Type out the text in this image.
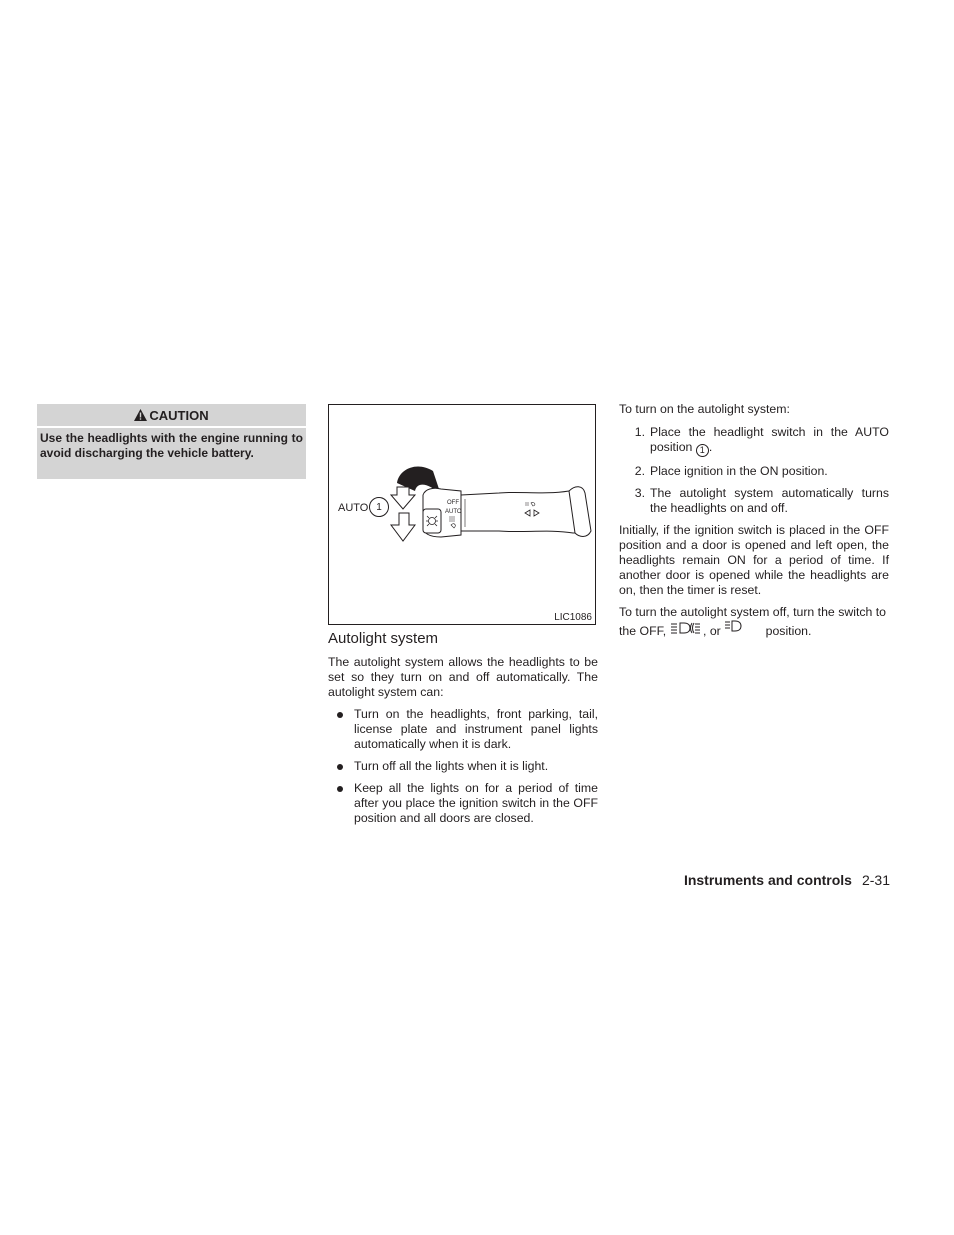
CAUTION
Use the headlights with the engine running to avoid discharging the vehicle battery.
OFF
AUTO
AUTO 1
LIC1086
Autolight system

The autolight system allows the headlights to be set so they turn on and off automatically. The autolight system can:

Turn on the headlights, front parking, tail, license plate and instrument panel lights automatically when it is dark.

Turn off all the lights when it is light.

Keep all the lights on for a period of time after you place the ignition switch in the OFF position and all doors are closed.

To turn on the autolight system:

1. Place the headlight switch in the AUTO position 1 .

2. Place ignition in the ON position.

3. The autolight system automatically turns the headlights on and off.

Initially, if the ignition switch is placed in the OFF position and a door is opened and left open, the headlights remain ON for a period of time. If another door is opened while the headlights are on, then the timer is reset.

To turn the autolight system off, turn the switch to the OFF,	, or	position.
Instruments and controls 2-31
